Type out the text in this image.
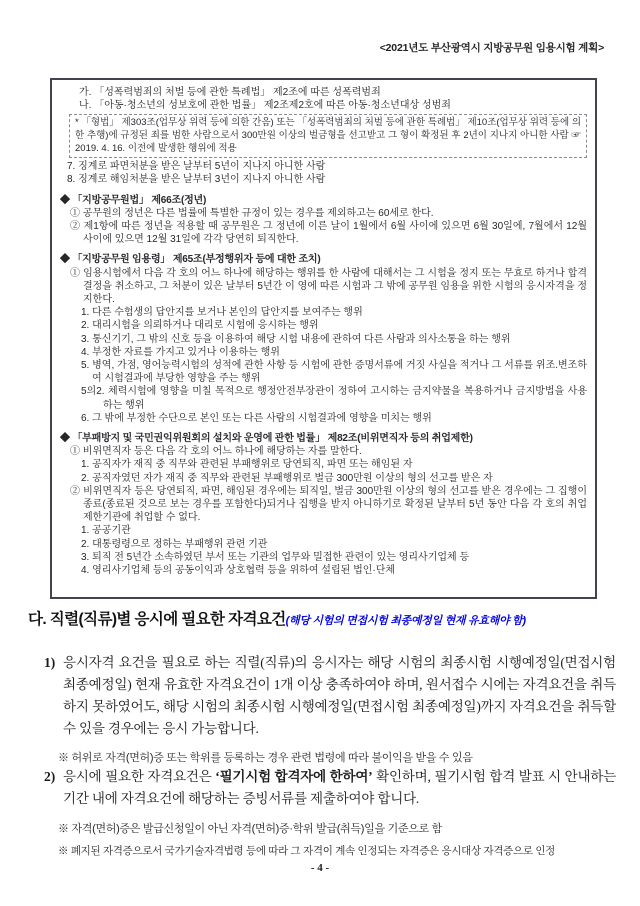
<2021년도 부산광역시 지방공무원 임용시험 계획>
가. 「성폭력범죄의 처벌 등에 관한 특례법」 제2조에 따른 성폭력범죄
나. 「아동·청소년의 성보호에 관한 법률」 제2조제2호에 따른 아동·청소년대상 성범죄
* 「형법」 제303조(업무상 위력 등에 의한 간음) 또는 「성폭력범죄의 처벌 등에 관한 특례법」 제10조(업무상 위력 등에 의한 추행)에 규정된 죄를 범한 사람으로서 300만원 이상의 벌금형을 선고받고 그 형이 확정된 후 2년이 지나지 아니한 사람 ☞ 2019. 4. 16. 이전에 발생한 행위에 적용
7. 징계로 파면처분을 받은 날부터 5년이 지나지 아니한 사람
8. 징계로 해임처분을 받은 날부터 3년이 지나지 아니한 사람
◆ 「지방공무원법」 제66조(정년)
① 공무원의 정년은 다른 법률에 특별한 규정이 있는 경우를 제외하고는 60세로 한다.
② 제1항에 따른 정년을 적용할 때 공무원은 그 정년에 이른 날이 1월에서 6월 사이에 있으면 6월 30일에, 7월에서 12월 사이에 있으면 12월 31일에 각각 당연히 퇴직한다.
◆ 「지방공무원 임용령」 제65조(부정행위자 등에 대한 조치)
① 임용시험에서 다음 각 호의 어느 하나에 해당하는 행위를 한 사람에 대해서는 그 시험을 정지 또는 무효로 하거나 합격 결정을 취소하고, 그 처분이 있은 날부터 5년간 이 영에 따른 시험과 그 밖에 공무원 임용을 위한 시험의 응시자격을 정지한다.
1. 다른 수험생의 답안지를 보거나 본인의 답안지를 보여주는 행위
2. 대리시험을 의뢰하거나 대리로 시험에 응시하는 행위
3. 통신기기, 그 밖의 신호 등을 이용하여 해당 시험 내용에 관하여 다른 사람과 의사소통을 하는 행위
4. 부정한 자료를 가지고 있거나 이용하는 행위
5. 병역, 가점, 영어능력시험의 성적에 관한 사항 등 시험에 관한 증명서류에 거짓 사실을 적거나 그 서류를 위조.변조하여 시험결과에 부당한 영향을 주는 행위
5의2. 체력시험에 영향을 미칠 목적으로 행정안전부장관이 정하여 고시하는 금지약물을 복용하거나 금지방법을 사용하는 행위
6. 그 밖에 부정한 수단으로 본인 또는 다른 사람의 시험결과에 영향을 미치는 행위
◆ 「부패방지 및 국민권익위원회의 설치와 운영에 관한 법률」 제82조(비위면직자 등의 취업제한)
① 비위면직자 등은 다음 각 호의 어느 하나에 해당하는 자를 말한다.
1. 공직자가 재직 중 직무와 관련된 부패행위로 당연퇴직, 파면 또는 해임된 자
2. 공직자였던 자가 재직 중 직무와 관련된 부패행위로 벌금 300만원 이상의 형의 선고를 받은 자
② 비위면직자 등은 당연퇴직, 파면, 해임된 경우에는 퇴직일, 벌금 300만원 이상의 형의 선고를 받은 경우에는 그 집행이 종료(종료된 것으로 보는 경우를 포함한다)되거나 집행을 받지 아니하기로 확정된 날부터 5년 동안 다음 각 호의 취업제한기관에 취업할 수 없다.
1. 공공기관
2. 대통령령으로 정하는 부패행위 관련 기관
3. 퇴직 전 5년간 소속하였던 부서 또는 기관의 업무와 밀접한 관련이 있는 영리사기업체 등
4. 영리사기업체 등의 공동이익과 상호협력 등을 위하여 설립된 법인·단체
다. 직렬(직류)별 응시에 필요한 자격요건(해당 시험의 면접시험 최종예정일 현재 유효해야 함)
1) 응시자격 요건을 필요로 하는 직렬(직류)의 응시자는 해당 시험의 최종시험 시행예정일(면접시험 최종예정일) 현재 유효한 자격요건이 1개 이상 충족하여야 하며, 원서접수 시에는 자격요건을 취득하지 못하였어도, 해당 시험의 최종시험 시행예정일(면접시험 최종예정일)까지 자격요건을 취득할 수 있을 경우에는 응시 가능합니다.
※ 허위로 자격(면허)증 또는 학위를 등록하는 경우 관련 법령에 따라 불이익을 받을 수 있음
2) 응시에 필요한 자격요건은 ‘필기시험 합격자에 한하여’ 확인하며, 필기시험 합격 발표 시 안내하는 기간 내에 자격요건에 해당하는 증빙서류를 제출하여야 합니다.
※ 자격(면허)증은 발급신청일이 아닌 자격(면허)증·학위 발급(취득)일을 기준으로 함
※ 폐지된 자격증으로서 국가기술자격법령 등에 따라 그 자격이 계속 인정되는 자격증은 응시대상 자격증으로 인정
- 4 -
